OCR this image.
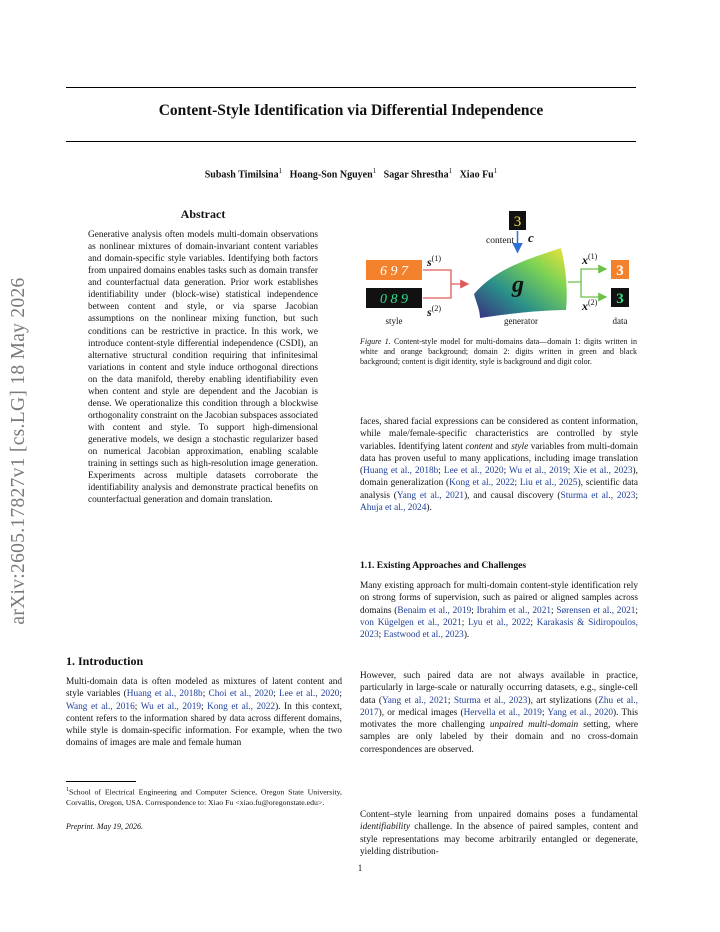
Content-Style Identification via Differential Independence
Subash Timilsina$^1$ Hoang-Son Nguyen$^1$ Sagar Shrestha$^1$ Xiao Fu$^1$
arXiv:2605.17827v1 [cs.LG] 18 May 2026
Abstract
Generative analysis often models multi-domain observations as nonlinear mixtures of domain-invariant content variables and domain-specific style variables. Identifying both factors from unpaired domains enables tasks such as domain transfer and counterfactual data generation. Prior work establishes identifiability under (block-wise) statistical independence between content and style, or via sparse Jacobian assumptions on the nonlinear mixing function, but such conditions can be restrictive in practice. In this work, we introduce content-style differential independence (CSDI), an alternative structural condition requiring that infinitesimal variations in content and style induce orthogonal directions on the data manifold, thereby enabling identifiability even when content and style are dependent and the Jacobian is dense. We operationalize this condition through a blockwise orthogonality constraint on the Jacobian subspaces associated with content and style. To support high-dimensional generative models, we design a stochastic regularizer based on numerical Jacobian approximation, enabling scalable training in settings such as high-resolution image generation. Experiments across multiple datasets corroborate the identifiability analysis and demonstrate practical benefits on counterfactual generation and domain translation.
1. Introduction
Multi-domain data is often modeled as mixtures of latent content and style variables (Huang et al., 2018b; Choi et al., 2020; Lee et al., 2020; Wang et al., 2016; Wu et al., 2019; Kong et al., 2022). In this context, content refers to the information shared by data across different domains, while style is domain-specific information. For example, when the two domains of images are male and female human
$^1$School of Electrical Engineering and Computer Science, Oregon State University, Corvallis, Oregon, USA. Correspondence to: Xiao Fu <xiao.fu@oregonstate.edu>.
Preprint. May 19, 2026.
3
content c
6 9 7
0 8 9
style
$s^{(1)}$
$s^{(2)}$
g
generator
$x^{(1)}$
$x^{(2)}$
3
3
data
Figure 1. Content-style model for multi-domains data—domain 1: digits written in white and orange background; domain 2: digits written in green and black background; content is digit identity, style is background and digit color.
faces, shared facial expressions can be considered as content information, while male/female-specific characteristics are controlled by style variables. Identifying latent content and style variables from multi-domain data has proven useful to many applications, including image translation (Huang et al., 2018b; Lee et al., 2020; Wu et al., 2019; Xie et al., 2023), domain generalization (Kong et al., 2022; Liu et al., 2025), scientific data analysis (Yang et al., 2021), and causal discovery (Sturma et al., 2023; Ahuja et al., 2024).
1.1. Existing Approaches and Challenges
Many existing approach for multi-domain content-style identification rely on strong forms of supervision, such as paired or aligned samples across domains (Benaim et al., 2019; Ibrahim et al., 2021; Sørensen et al., 2021; von Kügelgen et al., 2021; Lyu et al., 2022; Karakasis & Sidiropoulos, 2023; Eastwood et al., 2023).
However, such paired data are not always available in practice, particularly in large-scale or naturally occurring datasets, e.g., single-cell data (Yang et al., 2021; Sturma et al., 2023), art stylizations (Zhu et al., 2017), or medical images (Hervella et al., 2019; Yang et al., 2020). This motivates the more challenging unpaired multi-domain setting, where samples are only labeled by their domain and no cross-domain correspondences are observed.
Content–style learning from unpaired domains poses a fundamental identifiability challenge. In the absence of paired samples, content and style representations may become arbitrarily entangled or degenerate, yielding distribution-
1
